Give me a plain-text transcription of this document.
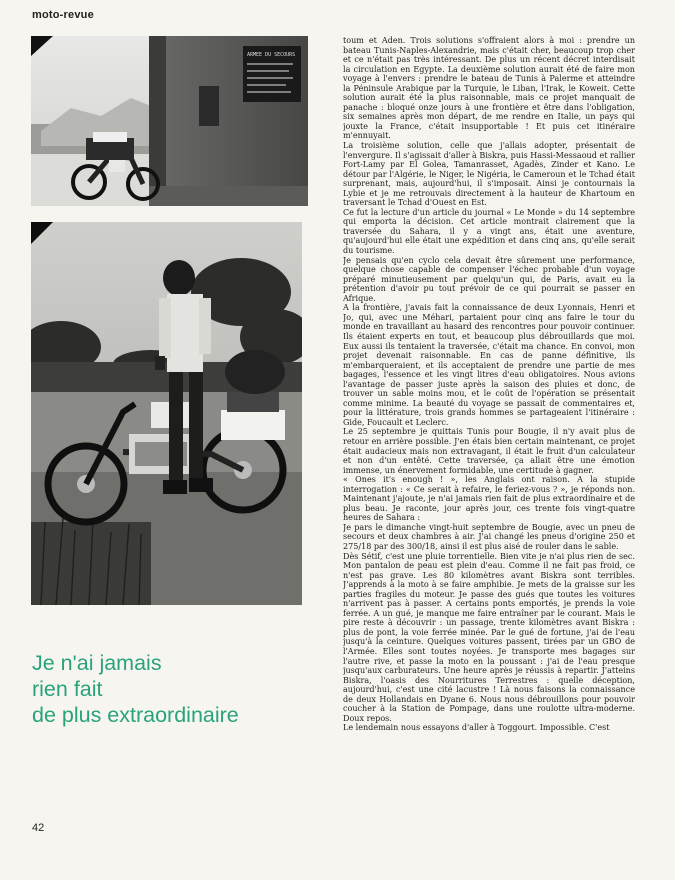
moto-revue
ARMEE DU SECOURS
Je n'ai jamais
rien fait
de plus extraordinaire

toum et Aden. Trois solutions s'offraient alors à moi : prendre un bateau Tunis-Naples-Alexandrie, mais c'était cher, beaucoup trop cher et ce n'était pas très intéressant. De plus un récent décret interdisait la circulation en Egypte. La deuxième solution aurait été de faire mon voyage à l'envers : prendre le bateau de Tunis à Palerme et atteindre la Péninsule Arabique par la Turquie, le Liban, l'Irak, le Koweit. Cette solution aurait été la plus raisonnable, mais ce projet manquait de panache : bloqué onze jours à une frontière et être dans l'obligation, six semaines après mon départ, de me rendre en Italie, un pays qui jouxte la France, c'était insupportable ! Et puis cet itinéraire m'ennuyait.

La troisième solution, celle que j'allais adopter, présentait de l'envergure. Il s'agissait d'aller à Biskra, puis Hassi-Messaoud et rallier Fort-Lamy par El Golea, Tamanrasset, Agadès, Zinder et Kano. Le détour par l'Algérie, le Niger, le Nigéria, le Cameroun et le Tchad était surprenant, mais, aujourd'hui, il s'imposait. Ainsi je contournais la Lybie et je me retrouvais directement à la hauteur de Khartoum en traversant le Tchad d'Ouest en Est.

Ce fut la lecture d'un article du journal « Le Monde » du 14 septembre qui emporta la décision. Cet article montrait clairement que la traversée du Sahara, il y a vingt ans, était une aventure, qu'aujourd'hui elle était une expédition et dans cinq ans, qu'elle serait du tourisme.

Je pensais qu'en cyclo cela devait être sûrement une performance, quelque chose capable de compenser l'échec probable d'un voyage préparé minutieusement par quelqu'un qui, de Paris, avait eu la prétention d'avoir pu tout prévoir de ce qui pourrait se passer en Afrique.

A la frontière, j'avais fait la connaissance de deux Lyonnais, Henri et Jo, qui, avec une Méhari, partaient pour cinq ans faire le tour du monde en travaillant au hasard des rencontres pour pouvoir continuer. Ils étaient experts en tout, et beaucoup plus débrouillards que moi. Eux aussi ils tentaient la traversée, c'était ma chance. En convoi, mon projet devenait raisonnable. En cas de panne définitive, ils m'embarqueraient, et ils acceptaient de prendre une partie de mes bagages, l'essence et les vingt litres d'eau obligatoires. Nous avions l'avantage de passer juste après la saison des pluies et donc, de trouver un sable moins mou, et le coût de l'opération se présentait comme minime. La beauté du voyage se passait de commentaires et, pour la littérature, trois grands hommes se partageaient l'itinéraire : Gide, Foucault et Leclerc.

Le 25 septembre je quittais Tunis pour Bougie, il n'y avait plus de retour en arrière possible. J'en étais bien certain maintenant, ce projet était audacieux mais non extravagant, il était le fruit d'un calculateur et non d'un entêté. Cette traversée, ça allait être une émotion immense, un énervement formidable, une certitude à gagner.

« Ones it's enough ! », les Anglais ont raison. A la stupide interrogation : « Ce serait à refaire, le feriez-vous ? », je réponds non. Maintenant j'ajoute, je n'ai jamais rien fait de plus extraordinaire et de plus beau. Je raconte, jour après jour, ces trente fois vingt-quatre heures de Sahara :

Je pars le dimanche vingt-huit septembre de Bougie, avec un pneu de secours et deux chambres à air. J'ai changé les pneus d'origine 250 et 275/18 par des 300/18, ainsi il est plus aisé de rouler dans le sable.

Dès Sétif, c'est une pluie torrentielle. Bien vite je n'ai plus rien de sec. Mon pantalon de peau est plein d'eau. Comme il ne fait pas froid, ce n'est pas grave. Les 80 kilomètres avant Biskra sont terribles. J'apprends à la moto à se faire amphibie. Je mets de la graisse sur les parties fragiles du moteur. Je passe des gués que toutes les voitures n'arrivent pas à passer. A certains ponts emportés, je prends la voie ferrée. A un gué, je manque me faire entraîner par le courant. Mais le pire reste à découvrir : un passage, trente kilomètres avant Biskra : plus de pont, la voie ferrée minée. Par le gué de fortune, j'ai de l'eau jusqu'à la ceinture. Quelques voitures passent, tirées par un GBO de l'Armée. Elles sont toutes noyées. Je transporte mes bagages sur l'autre rive, et passe la moto en la poussant : j'ai de l'eau presque jusqu'aux carburateurs. Une heure après je réussis à repartir. J'atteins Biskra, l'oasis des Nourritures Terrestres : quelle déception, aujourd'hui, c'est une cité lacustre ! Là nous faisons la connaissance de deux Hollandais en Dyane 6. Nous nous débrouillons pour pouvoir coucher à la Station de Pompage, dans une roulotte ultra-moderne. Doux repos.

Le lendemain nous essayons d'aller à Toggourt. Impossible. C'est

42
